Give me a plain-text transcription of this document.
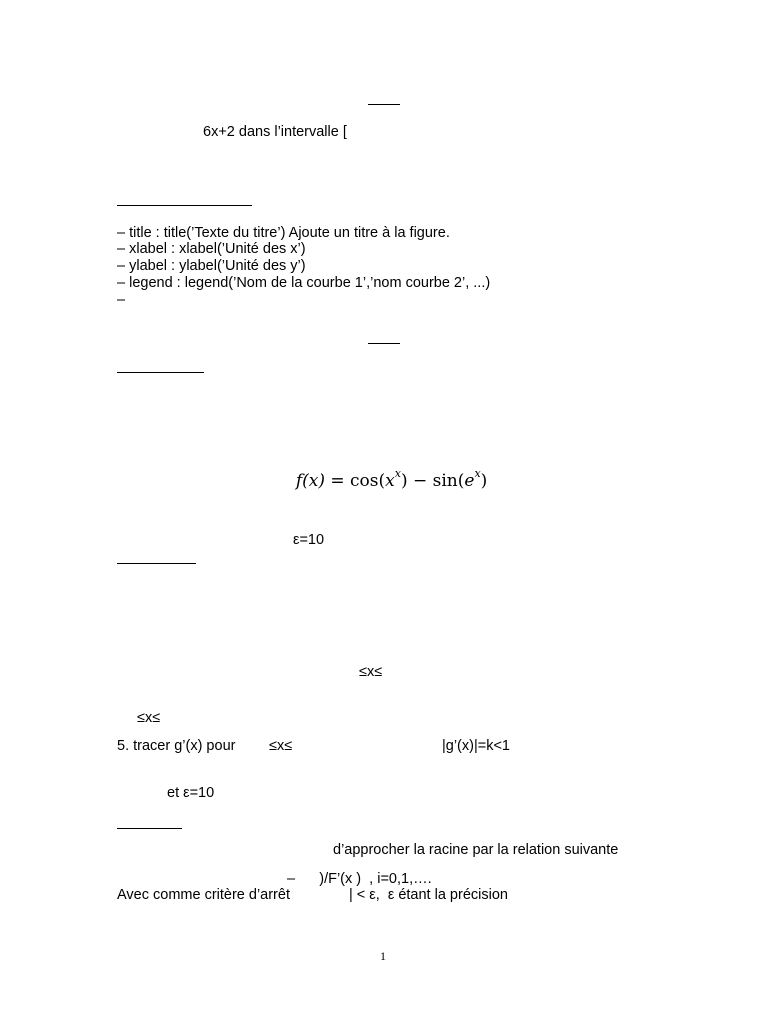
6x+2 dans l’intervalle [
– title : title(’Texte du titre’) Ajoute un titre à la figure.
– xlabel : xlabel(’Unité des x’)
– ylabel : ylabel(’Unité des y’)
– legend : legend(’Nom de la courbe 1’,’nom courbe 2’, ...)
–

$f(x) = \cos(x^x) - \sin(e^x)$

ε=10
≤x≤
≤x≤
5. tracer g’(x) pour ≤x≤	|g’(x)|=k<1
et ε=10
d’approcher la racine par la relation suivante
–      )/F’(x )  , i=0,1,….
Avec comme critère d’arrêt	| < ε,  ε étant la précision
1
